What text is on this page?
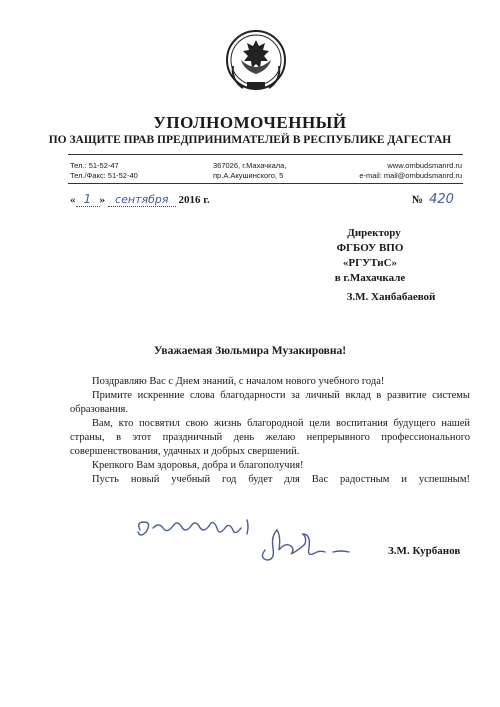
УПОЛНОМОЧЕННЫЙ
ПО ЗАЩИТЕ ПРАВ ПРЕДПРИНИМАТЕЛЕЙ В РЕСПУБЛИКЕ ДАГЕСТАН
Тел.: 51-52-47
Тел./Факс: 51-52-40
367026, г.Махачкала,
пр.А.Акушинского, 5
www.ombudsmanrd.ru
e-mail: mail@ombudsmanrd.ru
« 1 » сентября 2016 г.	№ 420
Директору
ФГБОУ ВПО
«РГУТиС»
в г.Махачкале
З.М. Ханбабаевой
Уважаемая Зюльмира Музакировна!
Поздравляю Вас с Днем знаний, с началом нового учебного года!
Примите искренние слова благодарности за личный вклад в развитие системы образования.
Вам, кто посвятил свою жизнь благородной цели воспитания будущего нашей страны, в этот праздничный день желаю непрерывного профессионального совершенствования, удачных и добрых свершений.
Крепкого Вам здоровья, добра и благополучия!
Пусть новый учебный год будет для Вас радостным и успешным!
З.М. Курбанов
